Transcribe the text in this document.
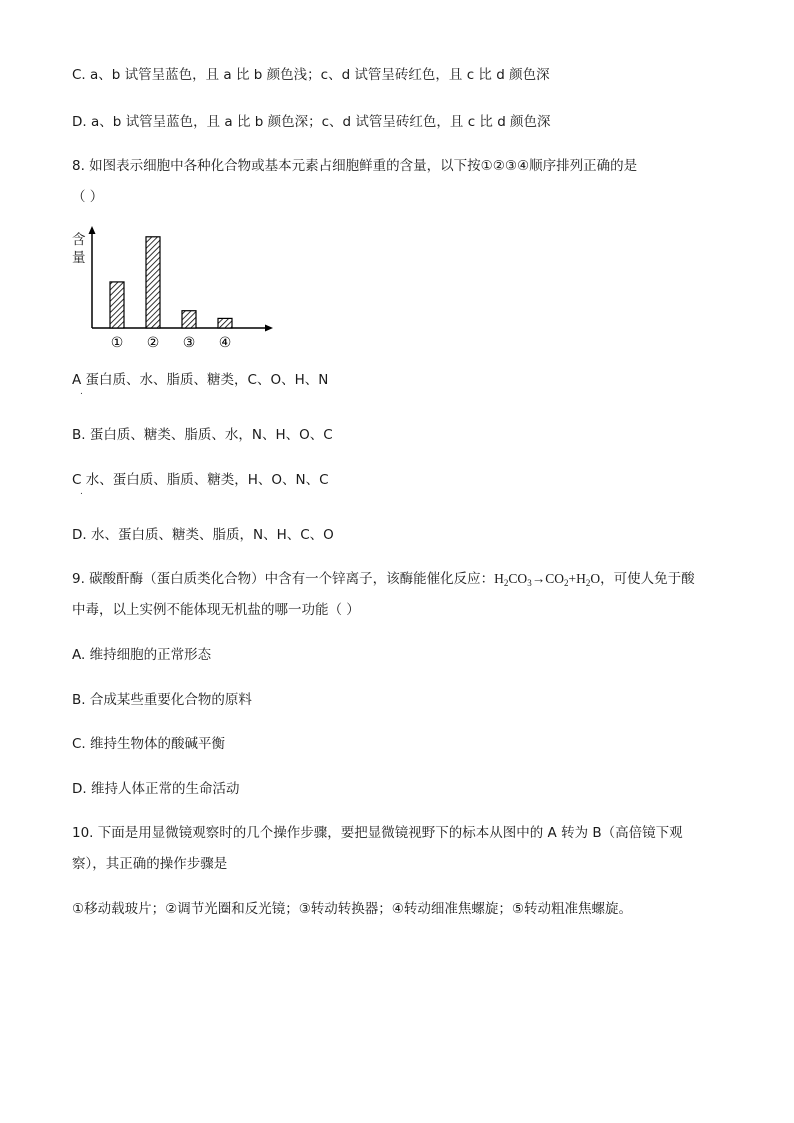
C. a、b 试管呈蓝色，且 a 比 b 颜色浅；c、d 试管呈砖红色，且 c 比 d 颜色深
D. a、b 试管呈蓝色，且 a 比 b 颜色深；c、d 试管呈砖红色，且 c 比 d 颜色深
8. 如图表示细胞中各种化合物或基本元素占细胞鲜重的含量，以下按①②③④顺序排列正确的是
（ ）
含量
① ② ③ ④
A 蛋白质、水、脂质、糖类，C、O、H、N
.
B. 蛋白质、糖类、脂质、水，N、H、O、C
C 水、蛋白质、脂质、糖类，H、O、N、C
.
D. 水、蛋白质、糖类、脂质，N、H、C、O
9. 碳酸酐酶（蛋白质类化合物）中含有一个锌离子，该酶能催化反应：$H_2CO_3\to CO_2+H_2O$，可使人免于酸
中毒，以上实例不能体现无机盐的哪一功能（ ）
A. 维持细胞的正常形态
B. 合成某些重要化合物的原料
C. 维持生物体的酸碱平衡
D. 维持人体正常的生命活动
10. 下面是用显微镜观察时的几个操作步骤，要把显微镜视野下的标本从图中的 A 转为 B（高倍镜下观
察），其正确的操作步骤是
①移动载玻片；②调节光圈和反光镜；③转动转换器；④转动细准焦螺旋；⑤转动粗准焦螺旋。
